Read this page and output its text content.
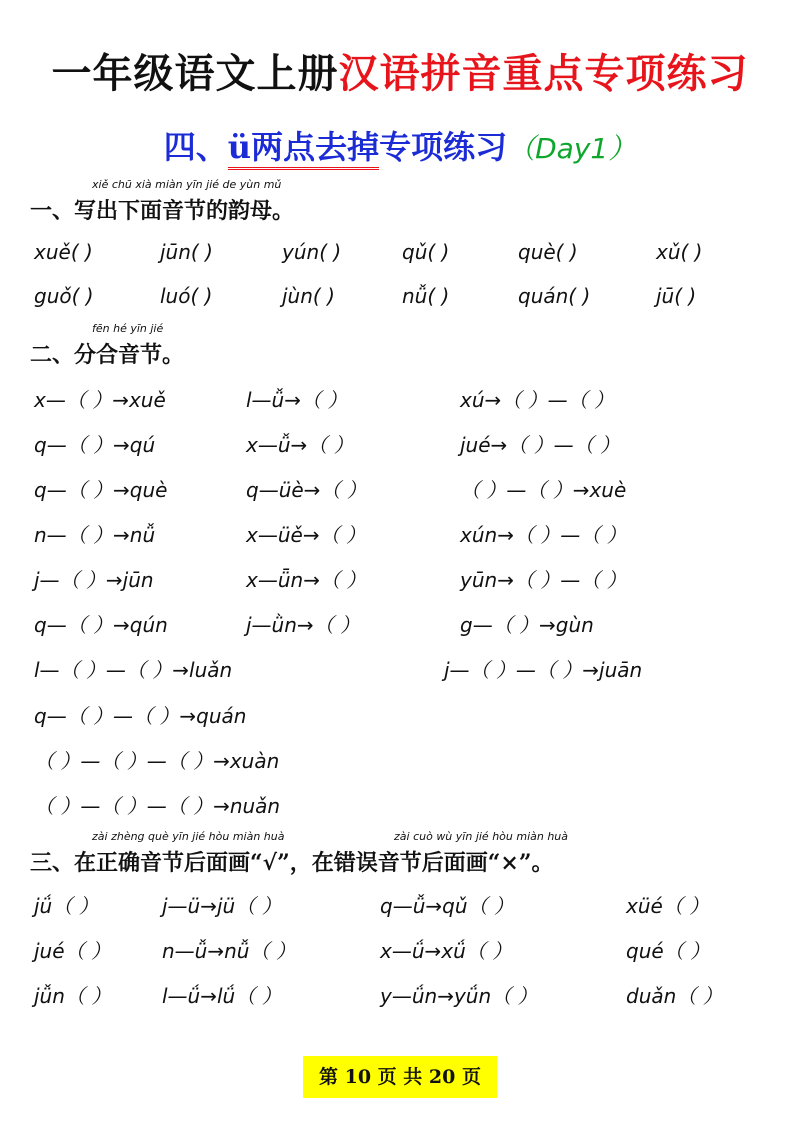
一年级语文上册汉语拼音重点专项练习
四、ü两点去掉专项练习（Day1）
xiě chū xià miàn yīn jié de yùn mǔ
一、写出下面音节的韵母。
xuě( )	jūn( )	yún( )	qǔ( )	què( )	xǔ( )
guǒ( )	luó( )	jùn( )	nǚ( )	quán( )	jū( )
fēn hé yīn jié
二、分合音节。
x—（ ）→xuě	l—ǚ→（ ）	xú→（ ）—（ ）
q—（ ）→qú	x—ǚ→（ ）	jué→（ ）—（ ）
q—（ ）→què	q—üè→（ ）	（ ）—（ ）→xuè
n—（ ）→nǚ	x—üě→（ ）	xún→（ ）—（ ）
j—（ ）→jūn	x—ǖn→（ ）	yūn→（ ）—（ ）
q—（ ）→qún	j—ǜn→（ ）	g—（ ）→gùn
l—（ ）—（ ）→luǎn	j—（ ）—（ ）→juān
q—（ ）—（ ）→quán
（ ）—（ ）—（ ）→xuàn
（ ）—（ ）—（ ）→nuǎn
zài zhèng què yīn jié hòu miàn huà	zài cuò wù yīn jié hòu miàn huà
三、在正确音节后面画“√”，在错误音节后面画“×”。
jǘ（ ）	j—ü→jü（ ）	q—ǚ→qǔ（ ）	xüé（ ）
jué（ ）	n—ǚ→nǚ（ ）	x—ǘ→xǘ（ ）	qué（ ）
jǚn（ ）	l—ǘ→lǘ（ ）	y—ǘn→yǘn（ ）	duǎn（ ）
第 10 页 共 20 页
